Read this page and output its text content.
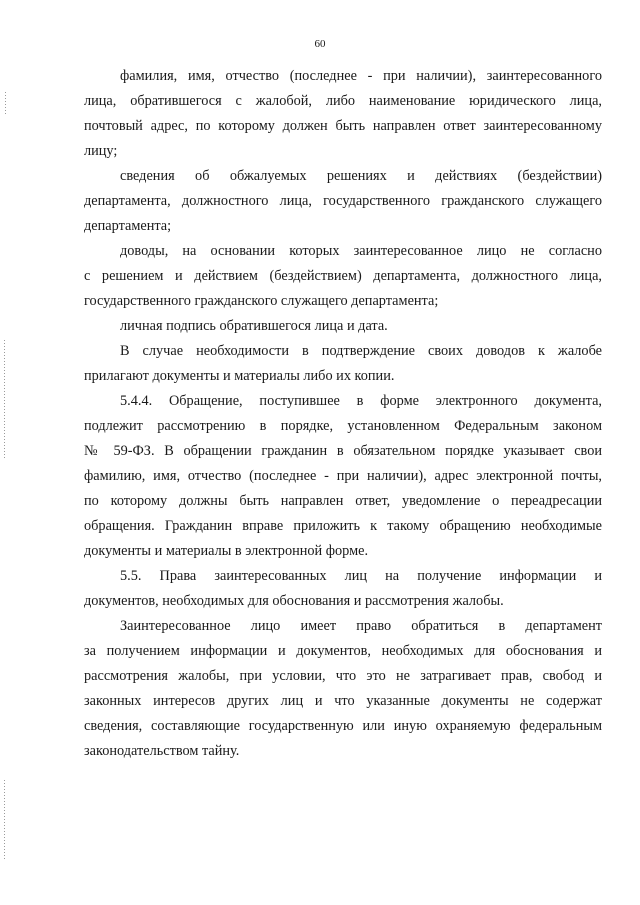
60
фамилия, имя, отчество (последнее - при наличии), заинтересованного
лица, обратившегося с жалобой, либо наименование юридического лица,
почтовый адрес, по которому должен быть направлен ответ заинтересованному
лицу;
сведения об обжалуемых решениях и действиях (бездействии)
департамента, должностного лица, государственного гражданского служащего
департамента;
доводы, на основании которых заинтересованное лицо не согласно
с решением и действием (бездействием) департамента, должностного лица,
государственного гражданского служащего департамента;
личная подпись обратившегося лица и дата.
В случае необходимости в подтверждение своих доводов к жалобе
прилагают документы и материалы либо их копии.
5.4.4. Обращение, поступившее в форме электронного документа,
подлежит рассмотрению в порядке, установленном Федеральным законом
№ 59-ФЗ. В обращении гражданин в обязательном порядке указывает свои
фамилию, имя, отчество (последнее - при наличии), адрес электронной почты,
по которому должны быть направлен ответ, уведомление о переадресации
обращения. Гражданин вправе приложить к такому обращению необходимые
документы и материалы в электронной форме.
5.5. Права заинтересованных лиц на получение информации и
документов, необходимых для обоснования и рассмотрения жалобы.
Заинтересованное лицо имеет право обратиться в департамент
за получением информации и документов, необходимых для обоснования и
рассмотрения жалобы, при условии, что это не затрагивает прав, свобод и
законных интересов других лиц и что указанные документы не содержат
сведения, составляющие государственную или иную охраняемую федеральным
законодательством тайну.
